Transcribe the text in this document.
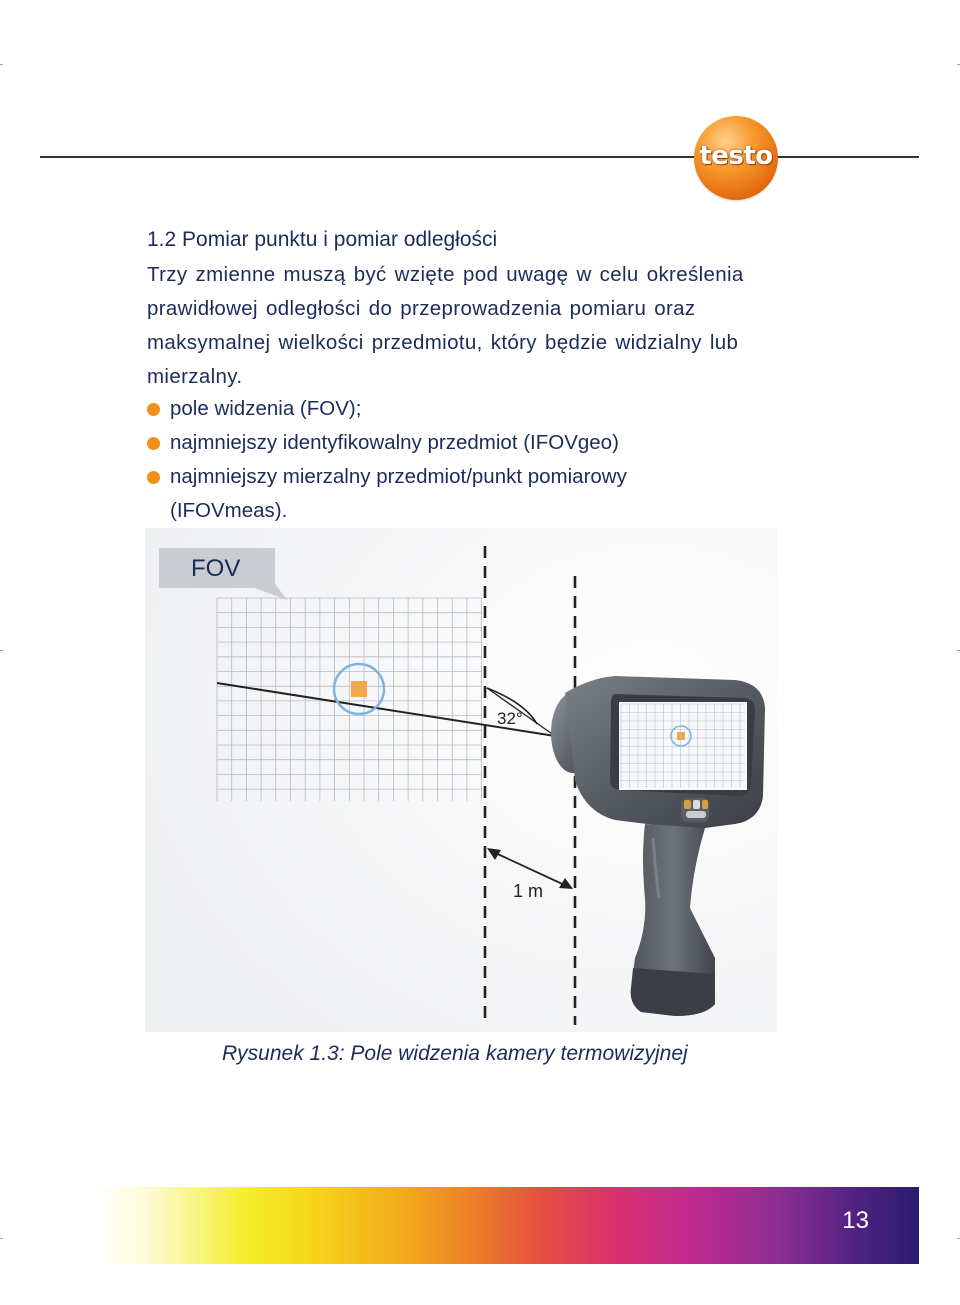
testo
1.2 Pomiar punktu i pomiar odległości
Trzy zmienne muszą być wzięte pod uwagę w celu określenia
prawidłowej odległości do przeprowadzenia pomiaru oraz
maksymalnej wielkości przedmiotu, który będzie widzialny lub
mierzalny.
pole widzenia (FOV);
najmniejszy identyfikowalny przedmiot (IFOVgeo)
najmniejszy mierzalny przedmiot/punkt pomiarowy
(IFOVmeas).
FOV
32°
1 m
Rysunek 1.3: Pole widzenia kamery termowizyjnej
13
